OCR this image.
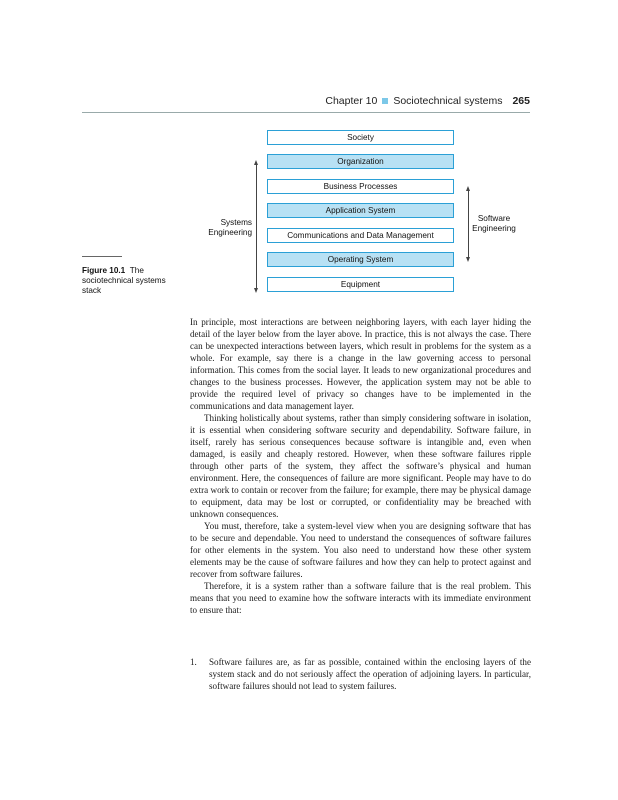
Chapter 10 Sociotechnical systems 265
Society
Organization
Business Processes
Application System
Communications and Data Management
Operating System
Equipment
Systems
Engineering
Software
Engineering
Figure 10.1 The
sociotechnical systems
stack

In principle, most interactions are between neighboring layers, with each layer hiding the detail of the layer below from the layer above. In practice, this is not always the case. There can be unexpected interactions between layers, which result in problems for the system as a whole. For example, say there is a change in the law governing access to personal information. This comes from the social layer. It leads to new organizational procedures and changes to the business processes. However, the application system may not be able to provide the required level of privacy so changes have to be implemented in the communications and data management layer.

Thinking holistically about systems, rather than simply considering software in isolation, it is essential when considering software security and dependability. Software failure, in itself, rarely has serious consequences because software is intangible and, even when damaged, is easily and cheaply restored. However, when these software failures ripple through other parts of the system, they affect the software’s physical and human environment. Here, the consequences of failure are more significant. People may have to do extra work to contain or recover from the failure; for example, there may be physical damage to equipment, data may be lost or corrupted, or confidentiality may be breached with unknown consequences.

You must, therefore, take a system-level view when you are designing software that has to be secure and dependable. You need to understand the consequences of software failures for other elements in the system. You also need to understand how these other system elements may be the cause of software failures and how they can help to protect against and recover from software failures.

Therefore, it is a system rather than a software failure that is the real problem. This means that you need to examine how the software interacts with its immediate environment to ensure that:

1. Software failures are, as far as possible, contained within the enclosing layers of the system stack and do not seriously affect the operation of adjoining layers. In particular, software failures should not lead to system failures.
